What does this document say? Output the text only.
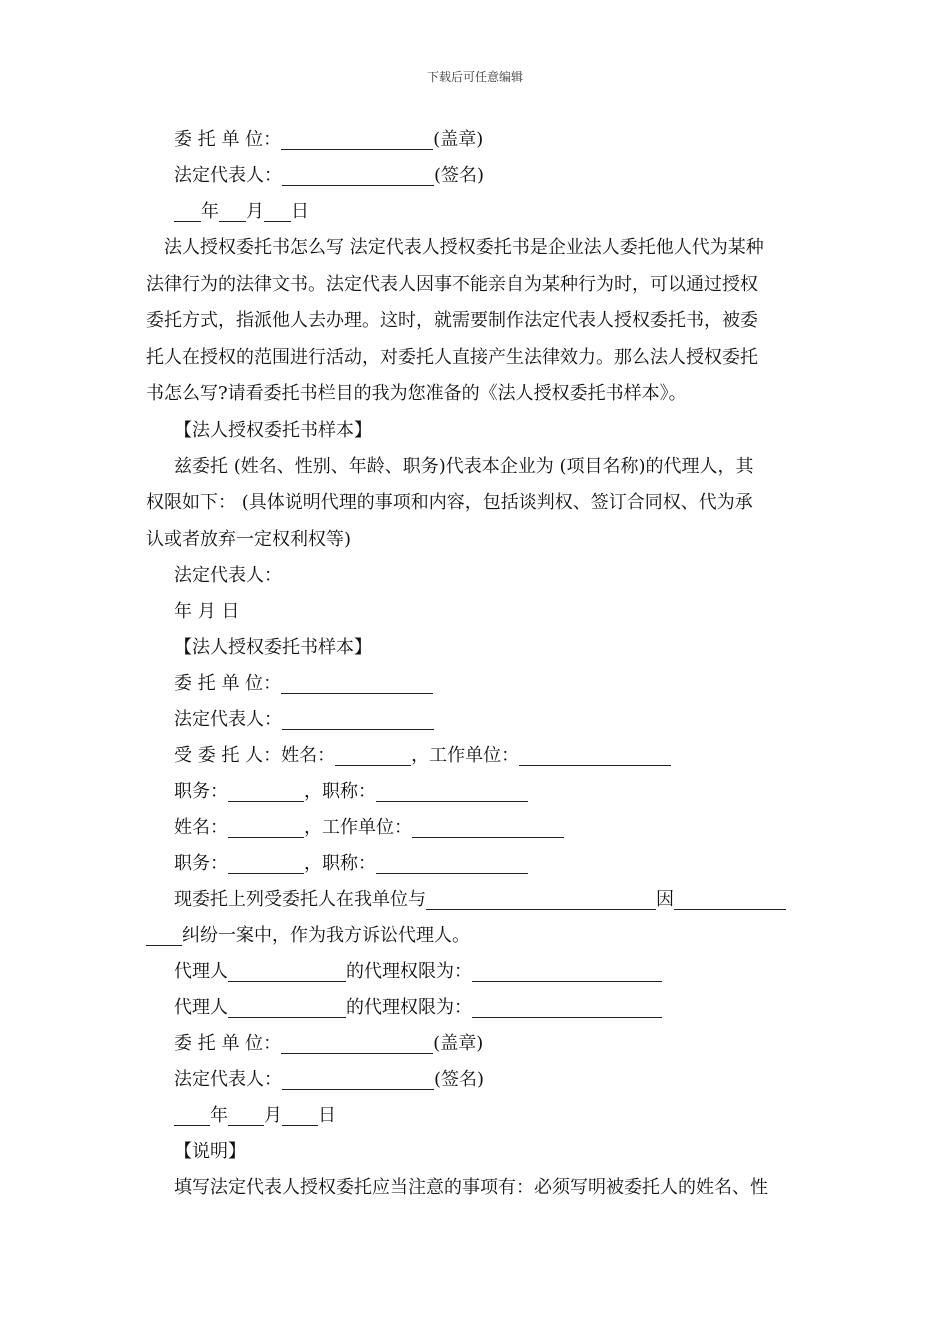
下载后可任意编辑
委 托 单 位：	(盖章)
法定代表人：	(签名)
年 月 日
法人授权委托书怎么写 法定代表人授权委托书是企业法人委托他人代为某种
法律行为的法律文书。法定代表人因事不能亲自为某种行为时，可以通过授权
委托方式，指派他人去办理。这时，就需要制作法定代表人授权委托书，被委
托人在授权的范围进行活动，对委托人直接产生法律效力。那么法人授权委托
书怎么写?请看委托书栏目的我为您准备的《法人授权委托书样本》。
【法人授权委托书样本】
兹委托 (姓名、性别、年龄、职务)代表本企业为 (项目名称)的代理人，其
权限如下： (具体说明代理的事项和内容，包括谈判权、签订合同权、代为承
认或者放弃一定权利权等)
法定代表人：
年 月 日
【法人授权委托书样本】
委 托 单 位：
法定代表人：
受 委 托 人：姓名：	，工作单位：
职务：	，职称：
姓名：	，工作单位：
职务：	，职称：
现委托上列受委托人在我单位与	因
纠纷一案中，作为我方诉讼代理人。
代理人	的代理权限为：
代理人	的代理权限为：
委 托 单 位：	(盖章)
法定代表人：	(签名)
年 月 日
【说明】
填写法定代表人授权委托应当注意的事项有：必须写明被委托人的姓名、性
